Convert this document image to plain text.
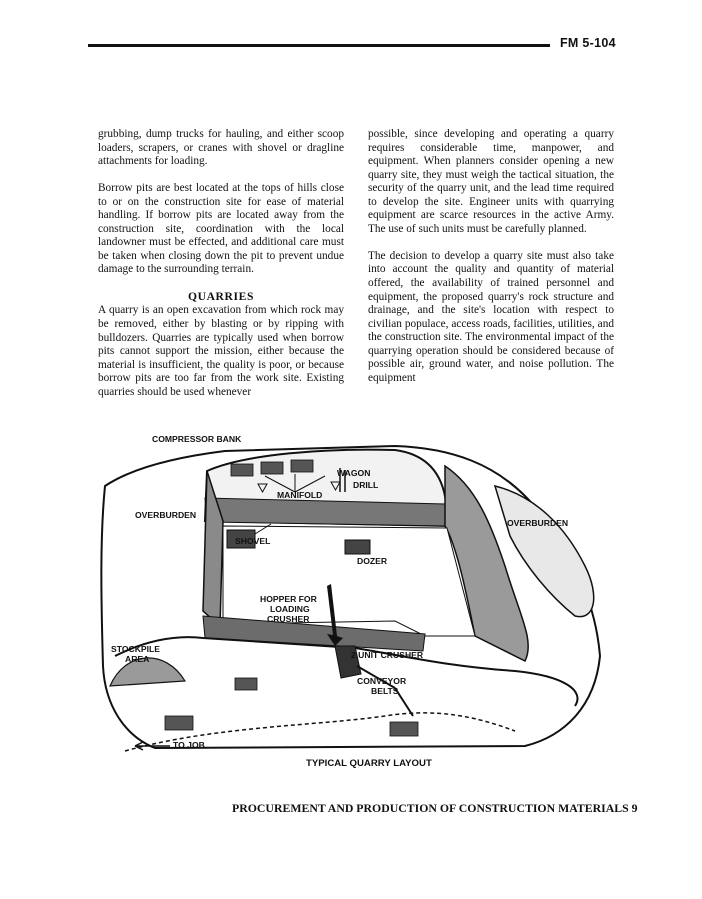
FM 5-104

grubbing, dump trucks for hauling, and either scoop loaders, scrapers, or cranes with shovel or dragline attachments for loading.

Borrow pits are best located at the tops of hills close to or on the construction site for ease of material handling. If borrow pits are located away from the construction site, coordination with the local landowner must be effected, and additional care must be taken when closing down the pit to prevent undue damage to the surrounding terrain.

QUARRIES

A quarry is an open excavation from which rock may be removed, either by blasting or by ripping with bulldozers. Quarries are typically used when borrow pits cannot support the mission, either because the material is insufficient, the quality is poor, or because borrow pits are too far from the work site. Existing quarries should be used whenever

possible, since developing and operating a quarry requires considerable time, manpower, and equipment. When planners consider opening a new quarry site, they must weigh the tactical situation, the security of the quarry unit, and the lead time required to develop the site. Engineer units with quarrying equipment are scarce resources in the active Army. The use of such units must be carefully planned.

The decision to develop a quarry site must also take into account the quality and quantity of material offered, the availability of trained personnel and equipment, the proposed quarry's rock structure and drainage, and the site's location with respect to civilian populace, access roads, facilities, utilities, and the construction site. The environmental impact of the quarrying operation should be considered because of possible air, ground water, and noise pollution. The equipment

COMPRESSOR BANK
WAGON
DRILL
MANIFOLD
OVERBURDEN
OVERBURDEN
SHOVEL
DOZER
HOPPER FOR
LOADING
CRUSHER
STOCKPILE
AREA	2 UNIT CRUSHER
CONVEYOR
BELTS
TO JOB
TYPICAL QUARRY LAYOUT
PROCUREMENT AND PRODUCTION OF CONSTRUCTION MATERIALS 9
